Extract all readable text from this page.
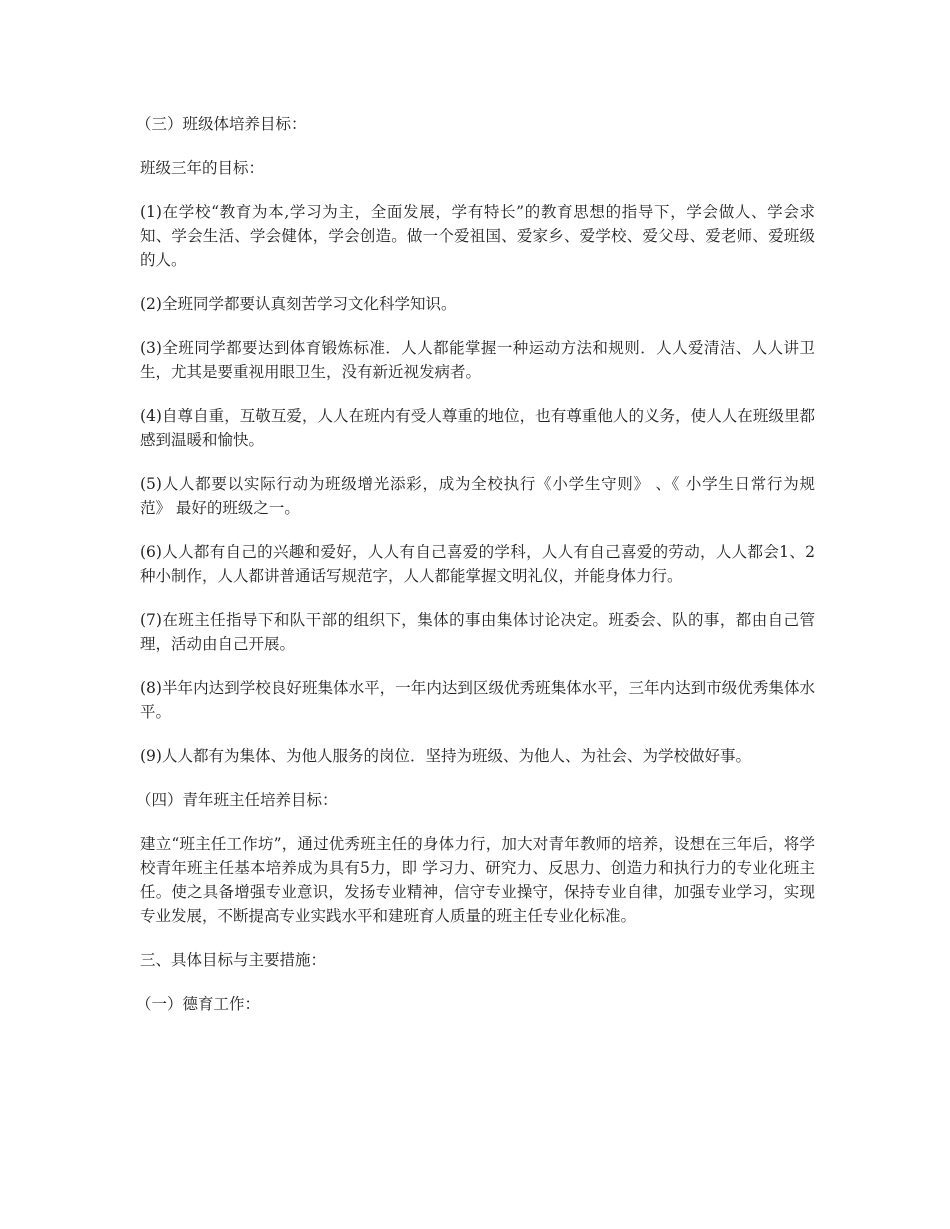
（三）班级体培养目标：

班级三年的目标：

(1)在学校“教育为本,学习为主，全面发展，学有特长”的教育思想的指导下，学会做人、学会求知、学会生活、学会健体，学会创造。做一个爱祖国、爱家乡、爱学校、爱父母、爱老师、爱班级的人。

(2)全班同学都要认真刻苦学习文化科学知识。

(3)全班同学都要达到体育锻炼标准．人人都能掌握一种运动方法和规则．人人爱清洁、人人讲卫生，尤其是要重视用眼卫生，没有新近视发病者。

(4)自尊自重，互敬互爱，人人在班内有受人尊重的地位，也有尊重他人的义务，使人人在班级里都感到温暖和愉快。

(5)人人都要以实际行动为班级增光添彩，成为全校执行《小学生守则》 、《 小学生日常行为规范》 最好的班级之一。

(6)人人都有自己的兴趣和爱好，人人有自己喜爱的学科，人人有自己喜爱的劳动，人人都会1、2种小制作，人人都讲普通话写规范字，人人都能掌握文明礼仪，并能身体力行。

(7)在班主任指导下和队干部的组织下，集体的事由集体讨论决定。班委会、队的事，都由自己管理，活动由自己开展。

(8)半年内达到学校良好班集体水平，一年内达到区级优秀班集体水平，三年内达到市级优秀集体水平。

(9)人人都有为集体、为他人服务的岗位．坚持为班级、为他人、为社会、为学校做好事。

（四）青年班主任培养目标：

建立“班主任工作坊”，通过优秀班主任的身体力行，加大对青年教师的培养，设想在三年后，将学校青年班主任基本培养成为具有5力，即 学习力、研究力、反思力、创造力和执行力的专业化班主任。使之具备增强专业意识，发扬专业精神，信守专业操守，保持专业自律，加强专业学习，实现专业发展，不断提高专业实践水平和建班育人质量的班主任专业化标准。

三、具体目标与主要措施：

（一）德育工作：
